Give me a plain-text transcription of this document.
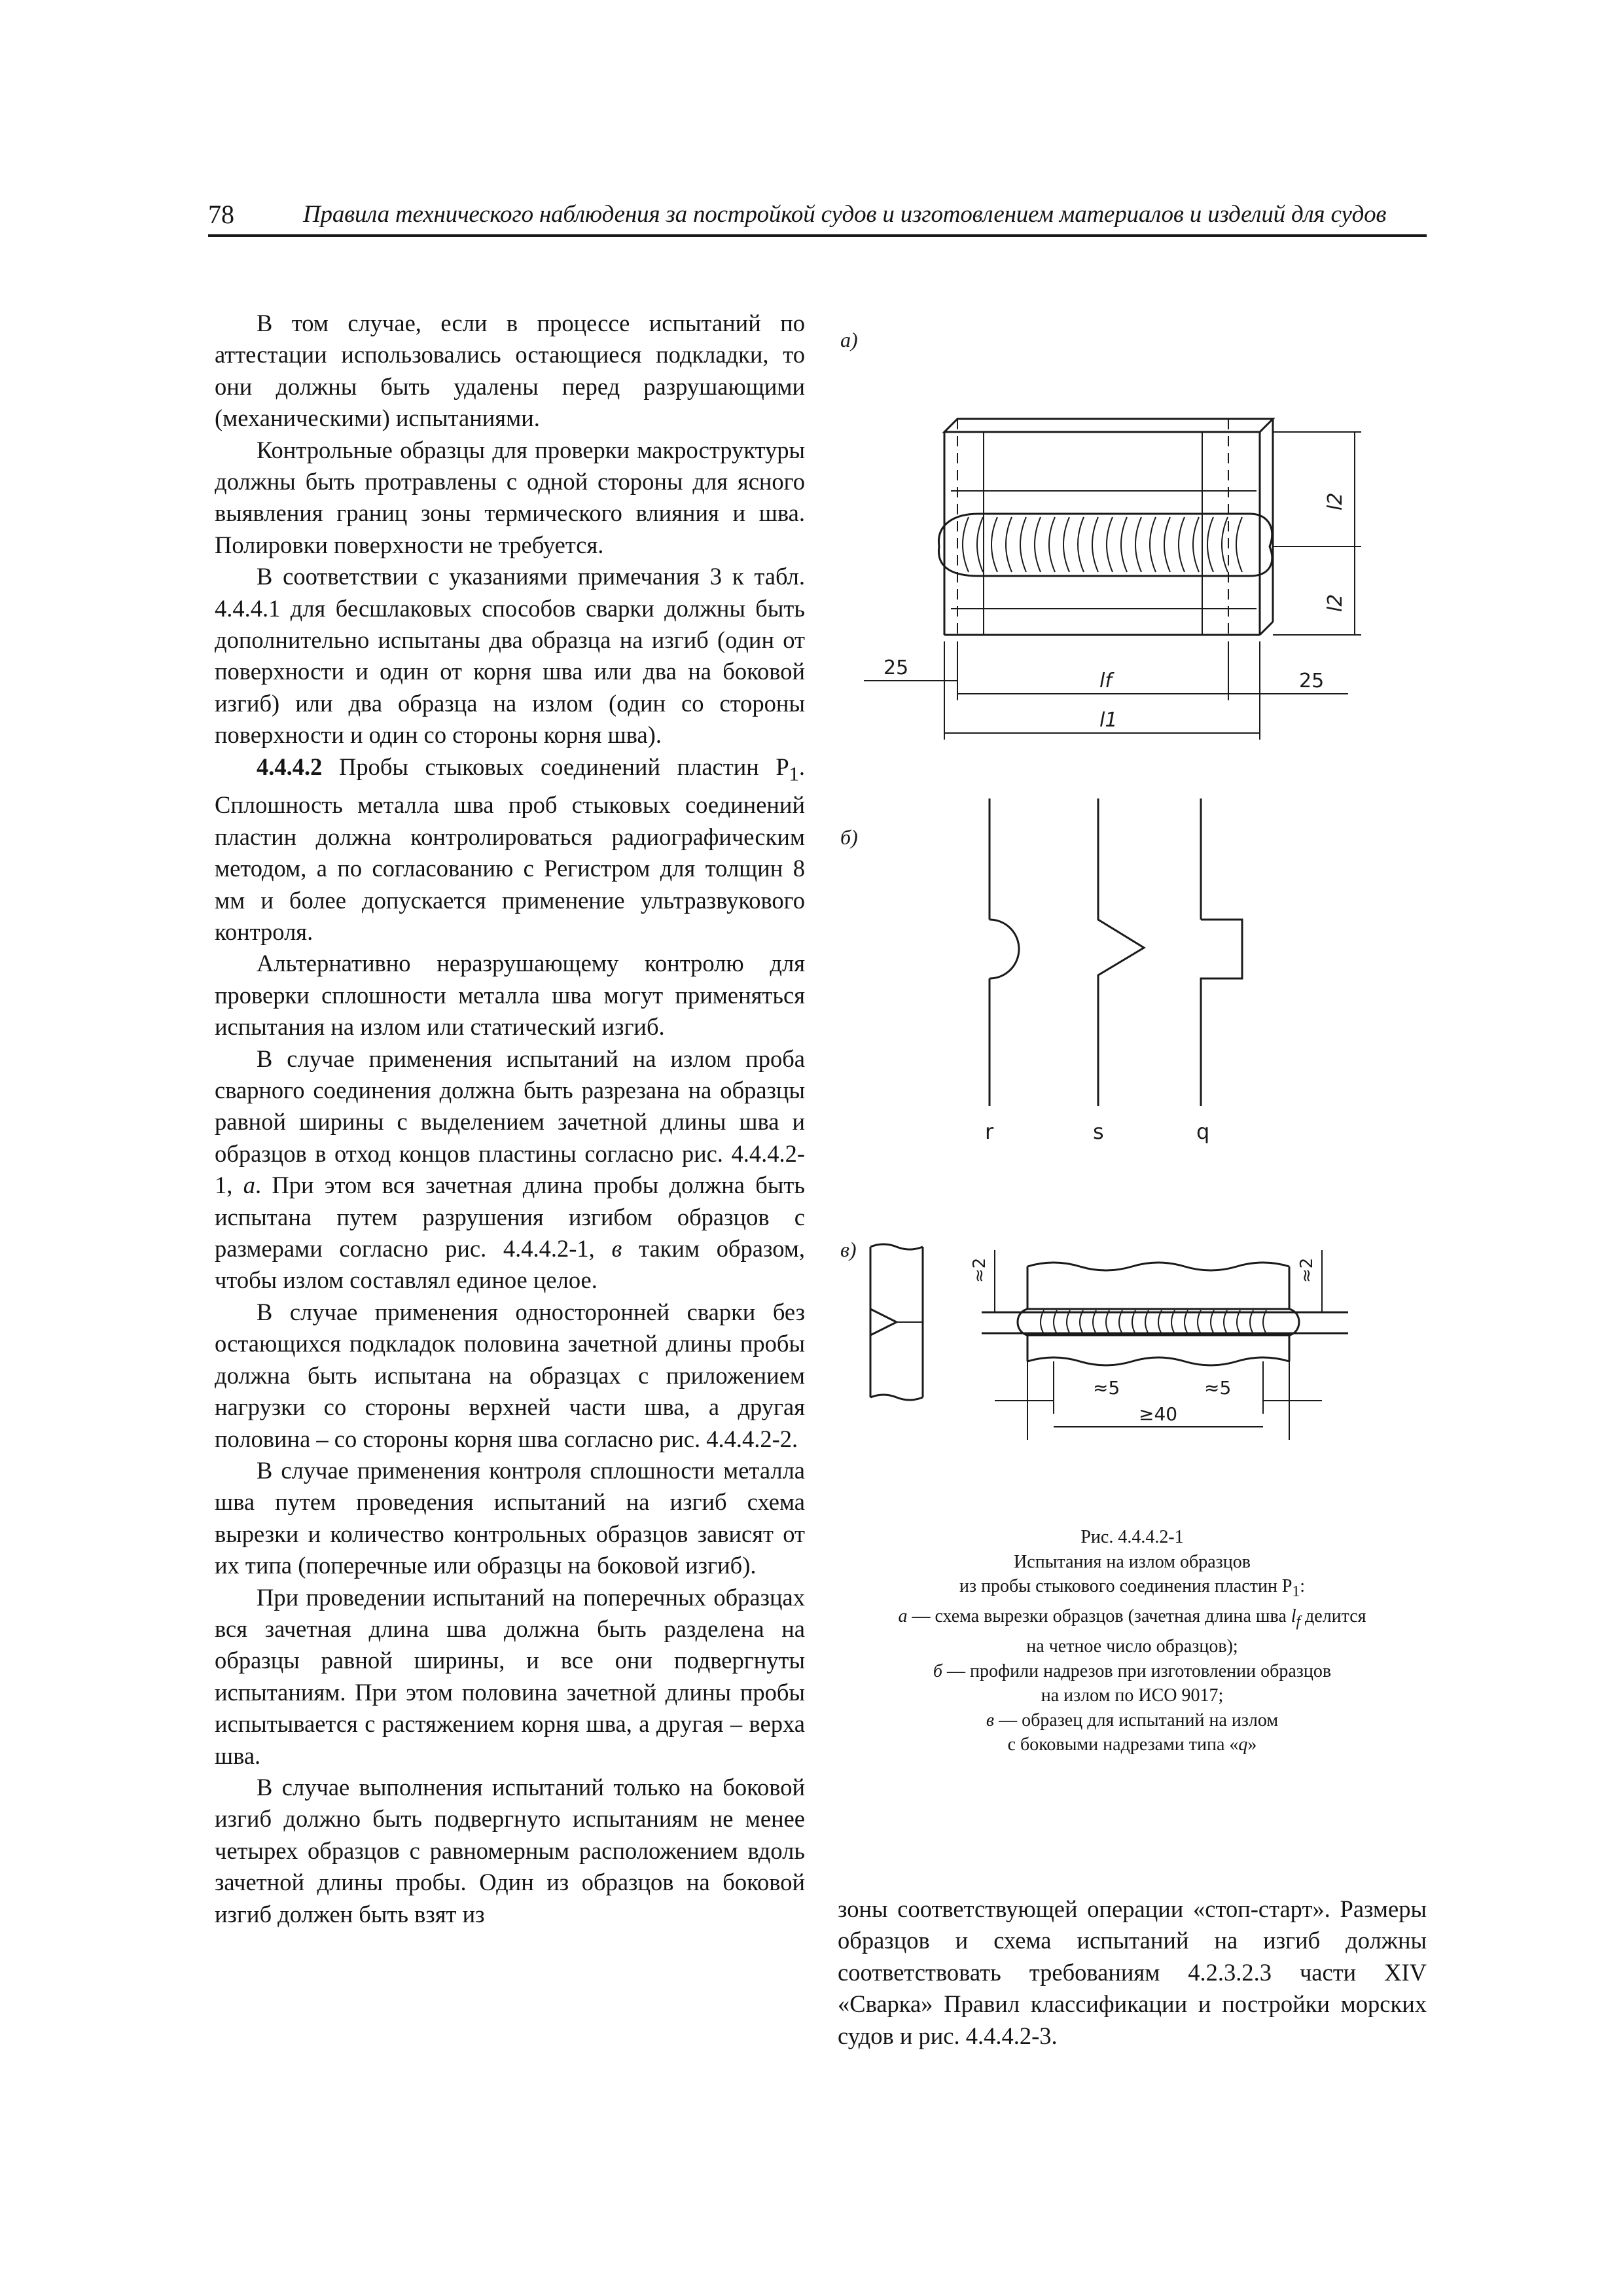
78	Правила технического наблюдения за постройкой судов и изготовлением материалов и изделий для судов

В том случае, если в процессе испытаний по аттестации использовались остающиеся подкладки, то они должны быть удалены перед разрушающими (механическими) испытаниями.

Контрольные образцы для проверки макроструктуры должны быть протравлены с одной стороны для ясного выявления границ зоны термического влияния и шва. Полировки поверхности не требуется.

В соответствии с указаниями примечания 3 к табл. 4.4.4.1 для бесшлаковых способов сварки должны быть дополнительно испытаны два образца на изгиб (один от поверхности и один от корня шва или два на боковой изгиб) или два образца на излом (один со стороны поверхности и один со стороны корня шва).

4.4.4.2 Пробы стыковых соединений пластин $P_1$. Сплошность металла шва проб стыковых соединений пластин должна контролироваться радиографическим методом, а по согласованию с Регистром для толщин 8 мм и более допускается применение ультразвукового контроля.

Альтернативно неразрушающему контролю для проверки сплошности металла шва могут применяться испытания на излом или статический изгиб.

В случае применения испытаний на излом проба сварного соединения должна быть разрезана на образцы равной ширины с выделением зачетной длины шва и образцов в отход концов пластины согласно рис. 4.4.4.2-1, а. При этом вся зачетная длина пробы должна быть испытана путем разрушения изгибом образцов с размерами согласно рис. 4.4.4.2-1, в таким образом, чтобы излом составлял единое целое.

В случае применения односторонней сварки без остающихся подкладок половина зачетной длины пробы должна быть испытана на образцах с приложением нагрузки со стороны верхней части шва, а другая половина – со стороны корня шва согласно рис. 4.4.4.2-2.

В случае применения контроля сплошности металла шва путем проведения испытаний на изгиб схема вырезки и количество контрольных образцов зависят от их типа (поперечные или образцы на боковой изгиб).

При проведении испытаний на поперечных образцах вся зачетная длина шва должна быть разделена на образцы равной ширины, и все они подвергнуты испытаниям. При этом половина зачетной длины пробы испытывается с растяжением корня шва, а другая – верха шва.

В случае выполнения испытаний только на боковой изгиб должно быть подвергнуто испытаниям не менее четырех образцов с равномерным расположением вдоль зачетной длины пробы. Один из образцов на боковой изгиб должен быть взят из

а)
l2
l2
25
25
lf
l1
б)
r	s	q
в)
≈2	≈2
≈5	≈5
≥40
Рис. 4.4.4.2-1
Испытания на излом образцов
из пробы стыкового соединения пластин $P_1$:
а — схема вырезки образцов (зачетная длина шва $l_f$ делится
на четное число образцов);
б — профили надрезов при изготовлении образцов
на излом по ИСО 9017;
в — образец для испытаний на излом
с боковыми надрезами типа «q»

зоны соответствующей операции «стоп-старт». Размеры образцов и схема испытаний на изгиб должны соответствовать требованиям 4.2.3.2.3 части XIV «Сварка» Правил классификации и постройки морских судов и рис. 4.4.4.2-3.
